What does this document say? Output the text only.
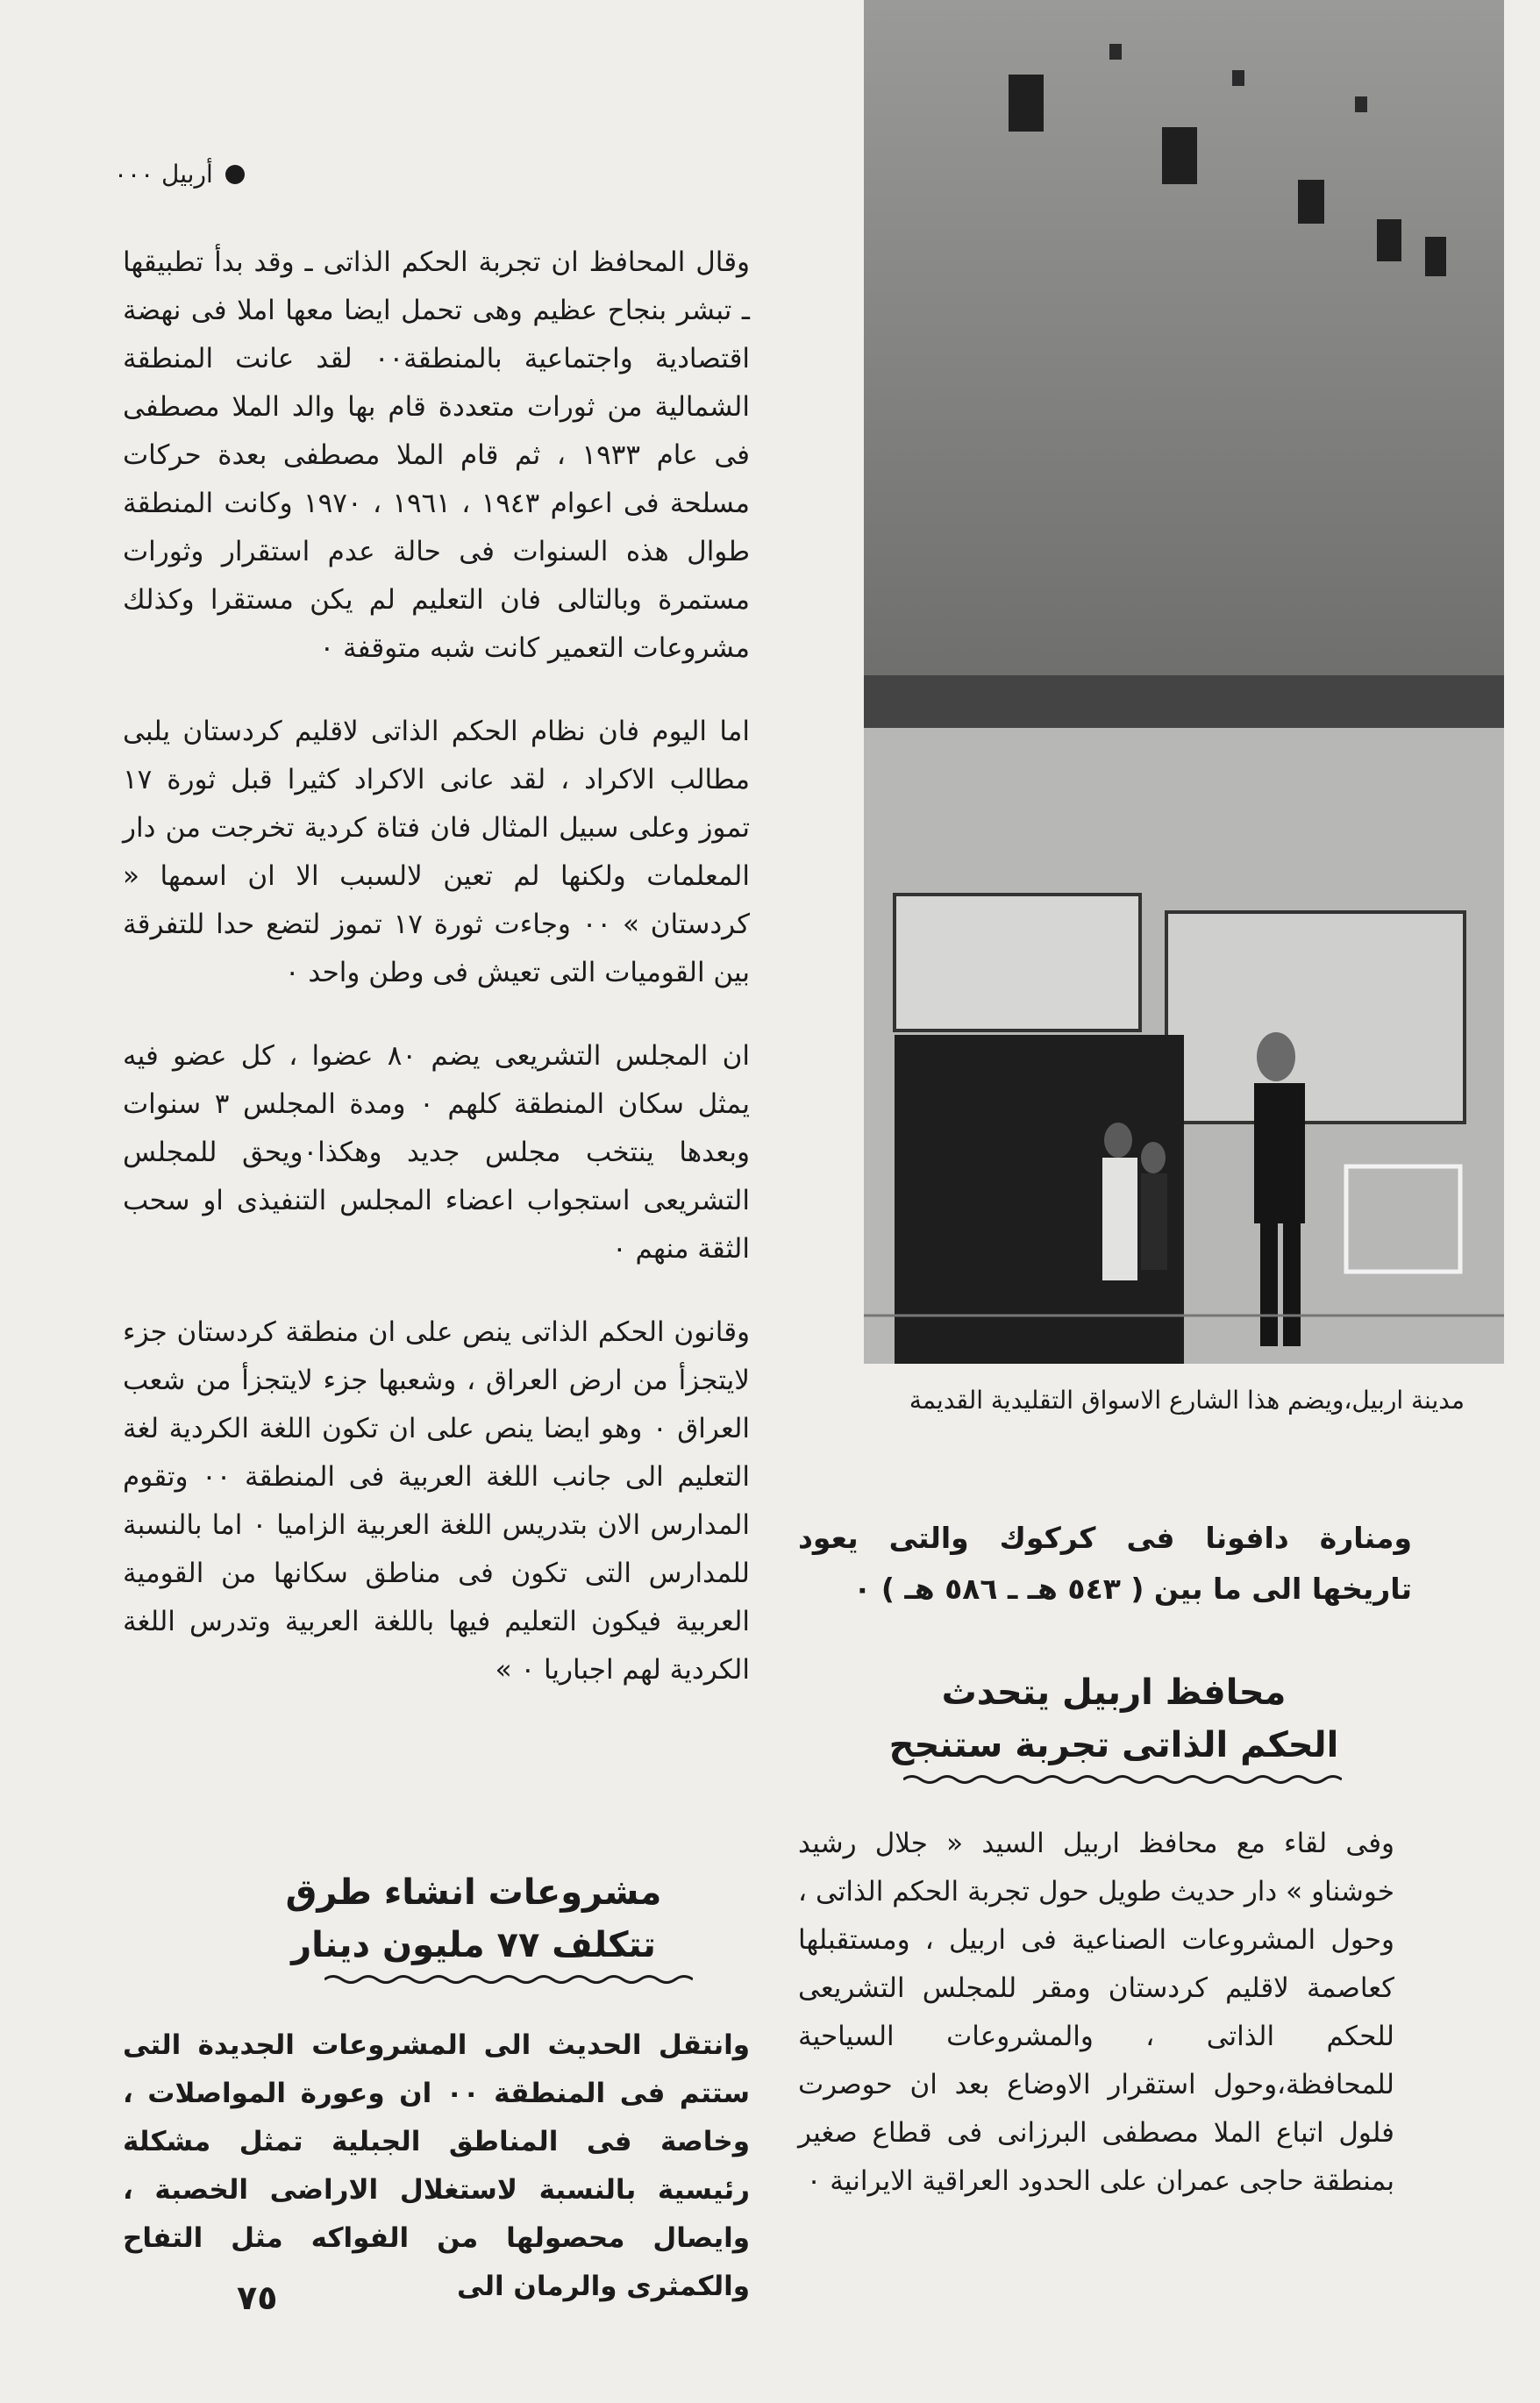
أربيل ٠٠٠

وقال المحافظ ان تجربة الحكم الذاتى ـ وقد بدأ تطبيقها ـ تبشر بنجاح عظيم وهى تحمل ايضا معها املا فى نهضة اقتصادية واجتماعية بالمنطقة٠٠ لقد عانت المنطقة الشمالية من ثورات متعددة قام بها والد الملا مصطفى فى عام ١٩٣٣ ، ثم قام الملا مصطفى بعدة حركات مسلحة فى اعوام ١٩٤٣ ، ١٩٦١ ، ١٩٧٠ وكانت المنطقة طوال هذه السنوات فى حالة عدم استقرار وثورات مستمرة وبالتالى فان التعليم لم يكن مستقرا وكذلك مشروعات التعمير كانت شبه متوقفة ٠

اما اليوم فان نظام الحكم الذاتى لاقليم كردستان يلبى مطالب الاكراد ، لقد عانى الاكراد كثيرا قبل ثورة ١٧ تموز وعلى سبيل المثال فان فتاة كردية تخرجت من دار المعلمات ولكنها لم تعين لالسبب الا ان اسمها « كردستان » ٠٠ وجاءت ثورة ١٧ تموز لتضع حدا للتفرقة بين القوميات التى تعيش فى وطن واحد ٠

ان المجلس التشريعى يضم ٨٠ عضوا ، كل عضو فيه يمثل سكان المنطقة كلهم ٠ ومدة المجلس ٣ سنوات وبعدها ينتخب مجلس جديد وهكذا٠ويحق للمجلس التشريعى استجواب اعضاء المجلس التنفيذى او سحب الثقة منهم ٠

وقانون الحكم الذاتى ينص على ان منطقة كردستان جزء لايتجزأ من ارض العراق ، وشعبها جزء لايتجزأ من شعب العراق ٠ وهو ايضا ينص على ان تكون اللغة الكردية لغة التعليم الى جانب اللغة العربية فى المنطقة ٠٠ وتقوم المدارس الان بتدريس اللغة العربية الزاميا ٠ اما بالنسبة للمدارس التى تكون فى مناطق سكانها من القومية العربية فيكون التعليم فيها باللغة العربية وتدرس اللغة الكردية لهم اجباريا ٠ »

مشروعات انشاء طرق
تتكلف ٧٧ مليون دينار

وانتقل الحديث الى المشروعات الجديدة التى ستتم فى المنطقة ٠٠ ان وعورة المواصلات ، وخاصة فى المناطق الجبلية تمثل مشكلة رئيسية بالنسبة لاستغلال الاراضى الخصبة ، وايصال محصولها من الفواكه مثل التفاح والكمثرى والرمان الى

مدينة اربيل،ويضم هذا الشارع الاسواق التقليدية القديمة
ومنارة دافونا فى كركوك والتى يعود تاريخها الى ما بين ( ٥٤٣ هـ ـ ٥٨٦ هـ ) ٠
محافظ اربيل يتحدث
الحكم الذاتى تجربة ستنجح

وفى لقاء مع محافظ اربيل السيد « جلال رشيد خوشناو » دار حديث طويل حول تجربة الحكم الذاتى ، وحول المشروعات الصناعية فى اربيل ، ومستقبلها كعاصمة لاقليم كردستان ومقر للمجلس التشريعى للحكم الذاتى ، والمشروعات السياحية للمحافظة،وحول استقرار الاوضاع بعد ان حوصرت فلول اتباع الملا مصطفى البرزانى فى قطاع صغير بمنطقة حاجى عمران على الحدود العراقية الايرانية ٠

٧٥
